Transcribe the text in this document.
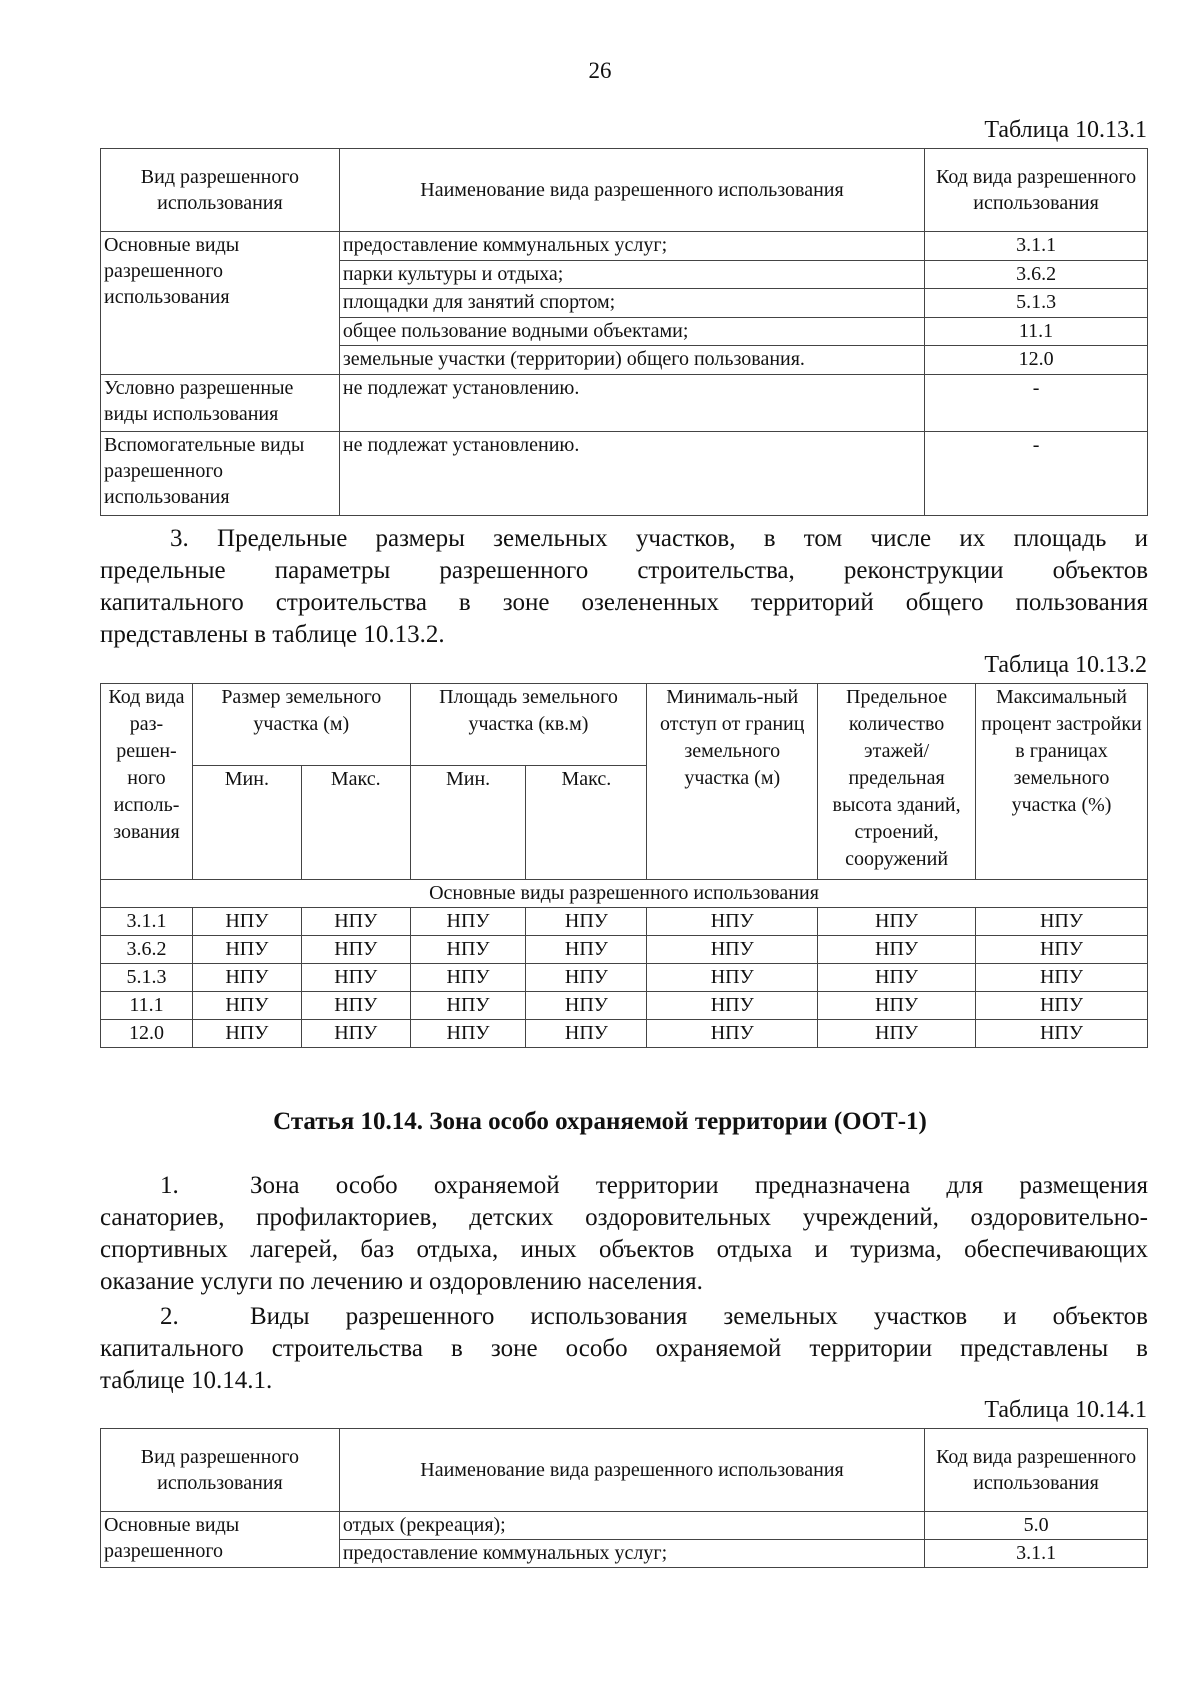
26
Таблица 10.13.1
Вид разрешенного использования	Наименование вида разрешенного использования	Код вида разрешенного использования
Основные виды разрешенного использования	предоставление коммунальных услуг;	3.1.1
	парки культуры и отдыха;	3.6.2
	площадки для занятий спортом;	5.1.3
	общее пользование водными объектами;	11.1
	земельные участки (территории) общего пользования.	12.0
Условно разрешенные виды использования	не подлежат установлению.	-
Вспомогательные виды разрешенного использования	не подлежат установлению.	-
3. Предельные размеры земельных участков, в том числе их площадь и
предельные параметры разрешенного строительства, реконструкции объектов
капитального строительства в зоне озелененных территорий общего пользования
представлены в таблице 10.13.2.
Таблица 10.13.2
Код вида раз-решен-ного исполь-зования	Размер земельного участка (м)		Площадь земельного участка (кв.м)		Минималь-ный отступ от границ земельного участка (м)	Предельное количество этажей/ предельная высота зданий, строений, сооружений	Максимальный процент застройки в границах земельного участка (%)
	Мин.	Макс.	Мин.	Макс.			
Основные виды разрешенного использования							
3.1.1	НПУ	НПУ	НПУ	НПУ	НПУ	НПУ	НПУ
3.6.2	НПУ	НПУ	НПУ	НПУ	НПУ	НПУ	НПУ
5.1.3	НПУ	НПУ	НПУ	НПУ	НПУ	НПУ	НПУ
11.1	НПУ	НПУ	НПУ	НПУ	НПУ	НПУ	НПУ
12.0	НПУ	НПУ	НПУ	НПУ	НПУ	НПУ	НПУ
Статья 10.14. Зона особо охраняемой территории (ООТ-1)
1.	Зона особо охраняемой территории предназначена для размещения
санаториев, профилакториев, детских оздоровительных учреждений, оздоровительно-
спортивных лагерей, баз отдыха, иных объектов отдыха и туризма, обеспечивающих
оказание услуги по лечению и оздоровлению населения.
2.	Виды разрешенного использования земельных участков и объектов
капитального строительства в зоне особо охраняемой территории представлены в
таблице 10.14.1.
Таблица 10.14.1
Вид разрешенного использования	Наименование вида разрешенного использования	Код вида разрешенного использования
Основные виды разрешенного	отдых (рекреация);	5.0
	предоставление коммунальных услуг;	3.1.1
